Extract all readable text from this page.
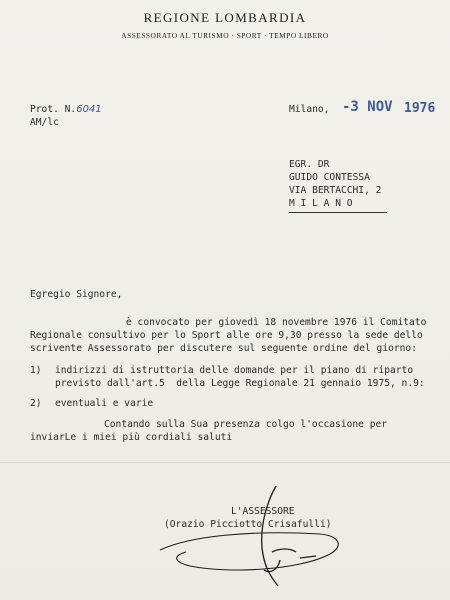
REGIONE LOMBARDIA
ASSESSORATO AL TURISMO · SPORT · TEMPO LIBERO
Prot. N.6041
AM/lc
Milano, -3 NOV 1976
EGR. DR
GUIDO CONTESSA
VIA BERTACCHI, 2
M I L A N O
Egregio Signore,
è convocato per giovedì 18 novembre 1976 il Comitato
Regionale consultivo per lo Sport alle ore 9,30 presso la sede dello
scrivente Assessorato per discutere sul seguente ordine del giorno:
1) indirizzi di istruttoria delle domande per il piano di riparto
previsto dall'art.5  della Legge Regionale 21 gennaio 1975, n.9:
2) eventuali e varie
Contando sulla Sua presenza colgo l'occasione per
inviarLe i miei più cordiali saluti
L'ASSESSORE
(Orazio Picciotto Crisafulli)
